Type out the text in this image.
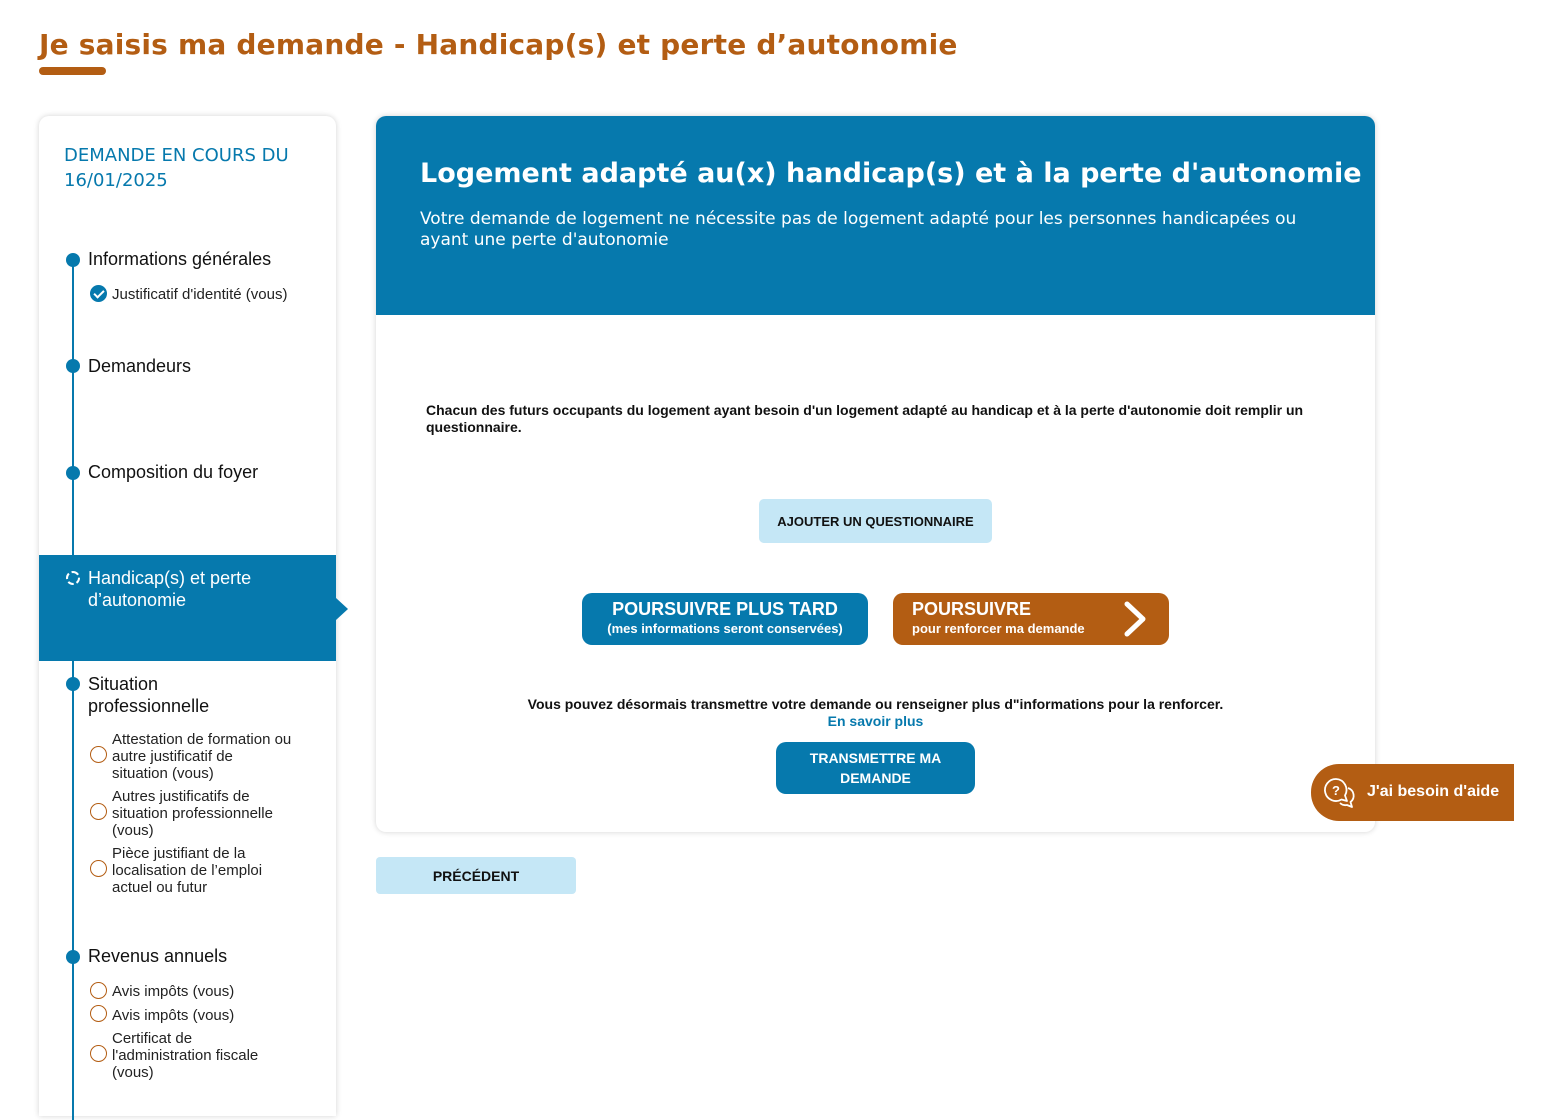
Je saisis ma demande - Handicap(s) et perte d’autonomie
DEMANDE EN COURS DU 16/01/2025
Informations générales
Justificatif d'identité (vous)
Demandeurs
Composition du foyer
Handicap(s) et perte d’autonomie
Situation professionnelle
Attestation de formation ou autre justificatif de situation (vous)
Autres justificatifs de situation professionnelle (vous)
Pièce justifiant de la localisation de l’emploi actuel ou futur
Revenus annuels
Avis impôts (vous)
Avis impôts (vous)
Certificat de l'administration fiscale (vous)
Logement adapté au(x) handicap(s) et à la perte d'autonomie
Votre demande de logement ne nécessite pas de logement adapté pour les personnes handicapées ou ayant une perte d'autonomie
Chacun des futurs occupants du logement ayant besoin d'un logement adapté au handicap et à la perte d'autonomie doit remplir un questionnaire.
AJOUTER UN QUESTIONNAIRE
POURSUIVRE PLUS TARD
(mes informations seront conservées)
POURSUIVRE
pour renforcer ma demande
Vous pouvez désormais transmettre votre demande ou renseigner plus d"informations pour la renforcer.
En savoir plus
TRANSMETTRE MA DEMANDE
PRÉCÉDENT
? J'ai besoin d'aide
